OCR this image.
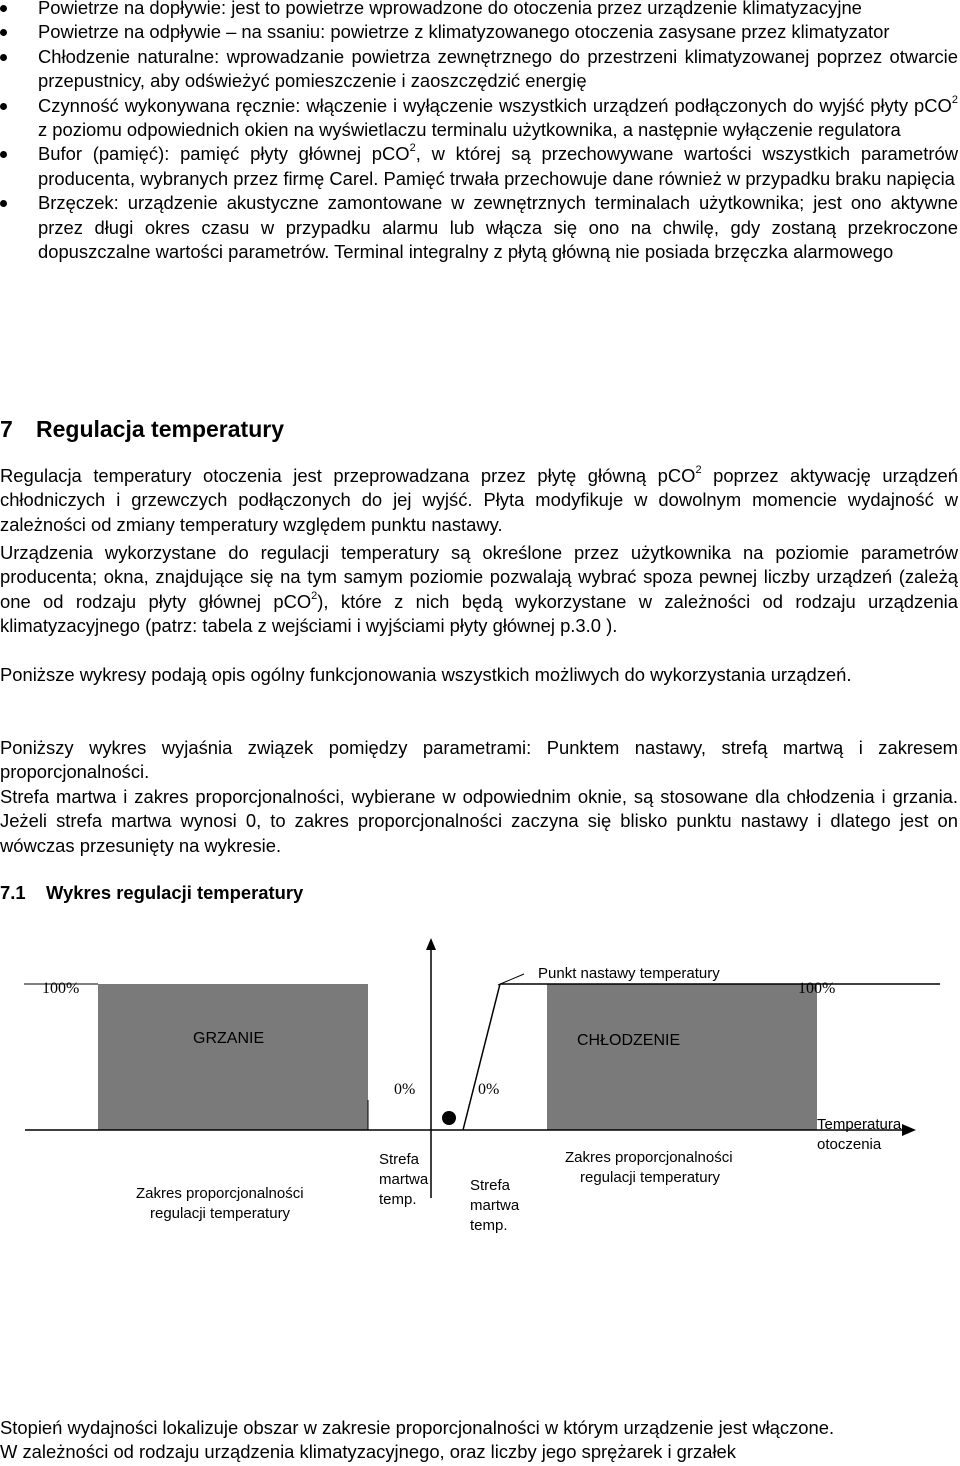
Powietrze na dopływie: jest to powietrze wprowadzone do otoczenia przez urządzenie klimatyzacyjne
Powietrze na odpływie – na ssaniu: powietrze z klimatyzowanego otoczenia zasysane przez klimatyzator
Chłodzenie naturalne: wprowadzanie powietrza zewnętrznego do przestrzeni klimatyzowanej poprzez otwarcie przepustnicy, aby odświeżyć pomieszczenie i zaoszczędzić energię
Czynność wykonywana ręcznie: włączenie i wyłączenie wszystkich urządzeń podłączonych do wyjść płyty pCO$^2$ z poziomu odpowiednich okien na wyświetlaczu terminalu użytkownika, a następnie wyłączenie regulatora
Bufor (pamięć): pamięć płyty głównej pCO$^2$, w której są przechowywane wartości wszystkich parametrów producenta, wybranych przez firmę Carel. Pamięć trwała przechowuje dane również w przypadku braku napięcia
Brzęczek: urządzenie akustyczne zamontowane w zewnętrznych terminalach użytkownika; jest ono aktywne przez długi okres czasu w przypadku alarmu lub włącza się ono na chwilę, gdy zostaną przekroczone dopuszczalne wartości parametrów. Terminal integralny z płytą główną nie posiada brzęczka alarmowego
7 Regulacja temperatury
Regulacja temperatury otoczenia jest przeprowadzana przez płytę główną pCO$^2$ poprzez aktywację urządzeń chłodniczych i grzewczych podłączonych do jej wyjść. Płyta modyfikuje w dowolnym momencie wydajność w zależności od zmiany temperatury względem punktu nastawy.
Urządzenia wykorzystane do regulacji temperatury są określone przez użytkownika na poziomie parametrów producenta; okna, znajdujące się na tym samym poziomie pozwalają wybrać spoza pewnej liczby urządzeń (zależą one od rodzaju płyty głównej pCO$^2$), które z nich będą wykorzystane w zależności od rodzaju urządzenia klimatyzacyjnego (patrz: tabela z wejściami i wyjściami płyty głównej p.3.0 ).
Poniższe wykresy podają opis ogólny funkcjonowania wszystkich możliwych do wykorzystania urządzeń.
Poniższy wykres wyjaśnia związek pomiędzy parametrami: Punktem nastawy, strefą martwą i zakresem proporcjonalności.
Strefa martwa i zakres proporcjonalności, wybierane w odpowiednim oknie, są stosowane dla chłodzenia i grzania. Jeżeli strefa martwa wynosi 0, to zakres proporcjonalności zaczyna się blisko punktu nastawy i dlatego jest on wówczas przesunięty na wykresie.
7.1 Wykres regulacji temperatury
100%	100%
GRZANIE	CHŁODZENIE
0%	0%
Punkt nastawy temperatury
Temperatura
otoczenia
Strefa
martwa
temp.
Strefa
martwa
temp.
Zakres proporcjonalności
regulacji temperatury
Zakres proporcjonalności
regulacji temperatury
Stopień wydajności lokalizuje obszar w zakresie proporcjonalności w którym urządzenie jest włączone.
W zależności od rodzaju urządzenia klimatyzacyjnego, oraz liczby jego sprężarek i grzałek
